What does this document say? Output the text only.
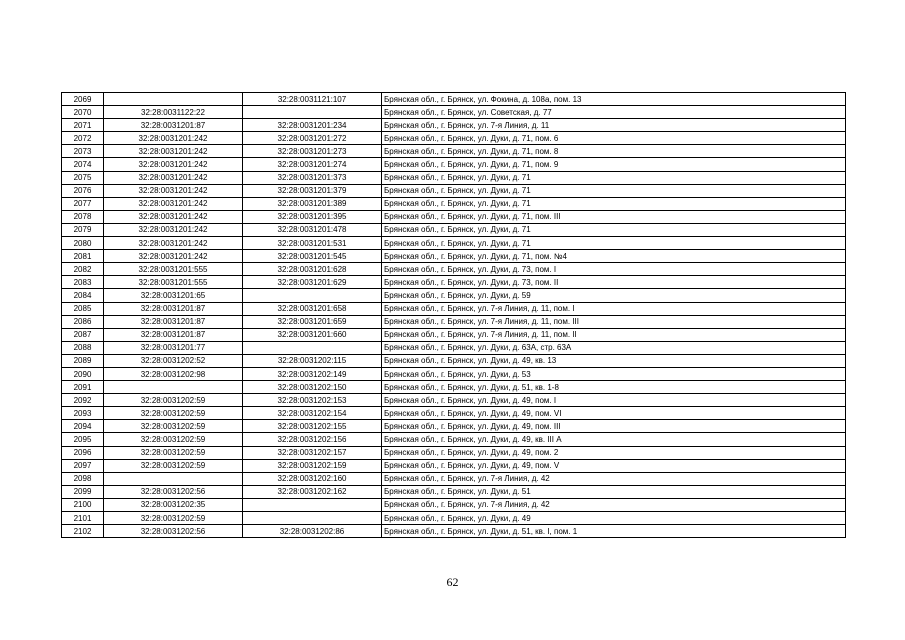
2069		32:28:0031121:107	Брянская обл., г. Брянск, ул. Фокина, д. 108а, пом. 13
2070	32:28:0031122:22		Брянская обл., г. Брянск, ул. Советская, д. 77
2071	32:28:0031201:87	32:28:0031201:234	Брянская обл., г. Брянск, ул. 7-я Линия, д. 11
2072	32:28:0031201:242	32:28:0031201:272	Брянская обл., г. Брянск, ул. Дуки, д. 71, пом. 6
2073	32:28:0031201:242	32:28:0031201:273	Брянская обл., г. Брянск, ул. Дуки, д. 71, пом. 8
2074	32:28:0031201:242	32:28:0031201:274	Брянская обл., г. Брянск, ул. Дуки, д. 71, пом. 9
2075	32:28:0031201:242	32:28:0031201:373	Брянская обл., г. Брянск, ул. Дуки, д. 71
2076	32:28:0031201:242	32:28:0031201:379	Брянская обл., г. Брянск, ул. Дуки, д. 71
2077	32:28:0031201:242	32:28:0031201:389	Брянская обл., г. Брянск, ул. Дуки, д. 71
2078	32:28:0031201:242	32:28:0031201:395	Брянская обл., г. Брянск, ул. Дуки, д. 71, пом. III
2079	32:28:0031201:242	32:28:0031201:478	Брянская обл., г. Брянск, ул. Дуки, д. 71
2080	32:28:0031201:242	32:28:0031201:531	Брянская обл., г. Брянск, ул. Дуки, д. 71
2081	32:28:0031201:242	32:28:0031201:545	Брянская обл., г. Брянск, ул. Дуки, д. 71, пом. №4
2082	32:28:0031201:555	32:28:0031201:628	Брянская обл., г. Брянск, ул. Дуки, д. 73, пом. I
2083	32:28:0031201:555	32:28:0031201:629	Брянская обл., г. Брянск, ул. Дуки, д. 73, пом. II
2084	32:28:0031201:65		Брянская обл., г. Брянск, ул. Дуки, д. 59
2085	32:28:0031201:87	32:28:0031201:658	Брянская обл., г. Брянск, ул. 7-я Линия, д. 11, пом. I
2086	32:28:0031201:87	32:28:0031201:659	Брянская обл., г. Брянск, ул. 7-я Линия, д. 11, пом. III
2087	32:28:0031201:87	32:28:0031201:660	Брянская обл., г. Брянск, ул. 7-я Линия, д. 11, пом. II
2088	32:28:0031201:77		Брянская обл., г. Брянск, ул. Дуки, д. 63А, стр. 63А
2089	32:28:0031202:52	32:28:0031202:115	Брянская обл., г. Брянск, ул. Дуки, д. 49, кв. 13
2090	32:28:0031202:98	32:28:0031202:149	Брянская обл., г. Брянск, ул. Дуки, д. 53
2091		32:28:0031202:150	Брянская обл., г. Брянск, ул. Дуки, д. 51, кв. 1-8
2092	32:28:0031202:59	32:28:0031202:153	Брянская обл., г. Брянск, ул. Дуки, д. 49, пом. I
2093	32:28:0031202:59	32:28:0031202:154	Брянская обл., г. Брянск, ул. Дуки, д. 49, пом. VI
2094	32:28:0031202:59	32:28:0031202:155	Брянская обл., г. Брянск, ул. Дуки, д. 49, пом. III
2095	32:28:0031202:59	32:28:0031202:156	Брянская обл., г. Брянск, ул. Дуки, д. 49, кв. III А
2096	32:28:0031202:59	32:28:0031202:157	Брянская обл., г. Брянск, ул. Дуки, д. 49, пом. 2
2097	32:28:0031202:59	32:28:0031202:159	Брянская обл., г. Брянск, ул. Дуки, д. 49, пом. V
2098		32:28:0031202:160	Брянская обл., г. Брянск, ул. 7-я Линия, д. 42
2099	32:28:0031202:56	32:28:0031202:162	Брянская обл., г. Брянск, ул. Дуки, д. 51
2100	32:28:0031202:35		Брянская обл., г. Брянск, ул. 7-я Линия, д. 42
2101	32:28:0031202:59		Брянская обл., г. Брянск, ул. Дуки, д. 49
2102	32:28:0031202:56	32:28:0031202:86	Брянская обл., г. Брянск, ул. Дуки, д. 51, кв. I, пом. 1
62
